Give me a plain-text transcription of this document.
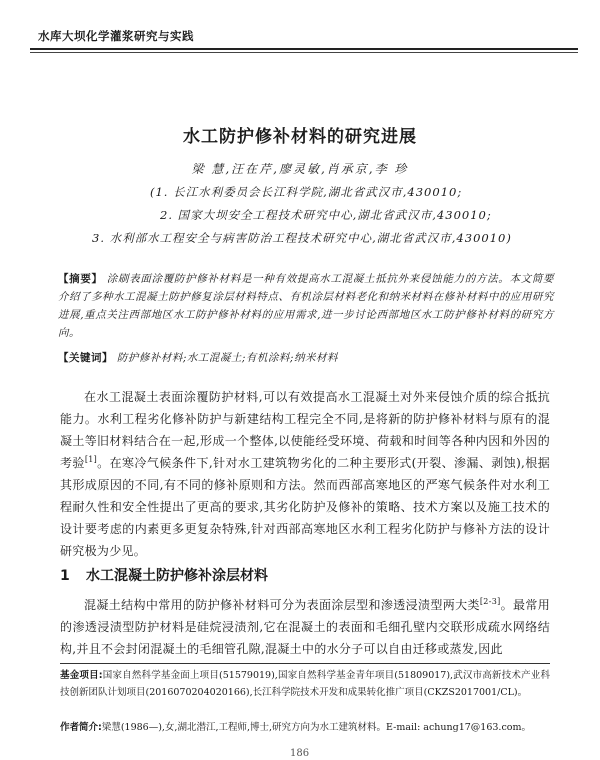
水库大坝化学灌浆研究与实践
水工防护修补材料的研究进展
梁 慧,汪在芹,廖灵敏,肖承京,李 珍
(1. 长江水利委员会长江科学院,湖北省武汉市,430010;
2. 国家大坝安全工程技术研究中心,湖北省武汉市,430010;
3. 水利部水工程安全与病害防治工程技术研究中心,湖北省武汉市,430010)
【摘要】 涂刷表面涂覆防护修补材料是一种有效提高水工混凝土抵抗外来侵蚀能力的方法。本文简要介绍了多种水工混凝土防护修复涂层材料特点、有机涂层材料老化和纳米材料在修补材料中的应用研究进展,重点关注西部地区水工防护修补材料的应用需求,进一步讨论西部地区水工防护修补材料的研究方向。
【关键词】 防护修补材料;水工混凝土;有机涂料;纳米材料

在水工混凝土表面涂覆防护材料,可以有效提高水工混凝土对外来侵蚀介质的综合抵抗能力。水利工程劣化修补防护与新建结构工程完全不同,是将新的防护修补材料与原有的混凝土等旧材料结合在一起,形成一个整体,以使能经受环境、荷载和时间等各种内因和外因的考验[1]。在寒冷气候条件下,针对水工建筑物劣化的二种主要形式(开裂、渗漏、剥蚀),根据其形成原因的不同,有不同的修补原则和方法。然而西部高寒地区的严寒气候条件对水利工程耐久性和安全性提出了更高的要求,其劣化防护及修补的策略、技术方案以及施工技术的设计要考虑的内素更多更复杂特殊,针对西部高寒地区水利工程劣化防护与修补方法的设计研究极为少见。

1 水工混凝土防护修补涂层材料

混凝土结构中常用的防护修补材料可分为表面涂层型和渗透浸渍型两大类[2-3]。最常用的渗透浸渍型防护材料是硅烷浸渍剂,它在混凝土的表面和毛细孔壁内交联形成疏水网络结构,并且不会封闭混凝土的毛细管孔隙,混凝土中的水分子可以自由迁移或蒸发,因此

基金项目:国家自然科学基金面上项目(51579019),国家自然科学基金青年项目(51809017),武汉市高新技术产业科技创新团队计划项目(2016070204020166),长江科学院技术开发和成果转化推广项目(CKZS2017001/CL)。
作者简介:梁慧(1986—),女,湖北潜江,工程师,博士,研究方向为水工建筑材料。E-mail: achung17@163.com。
186
